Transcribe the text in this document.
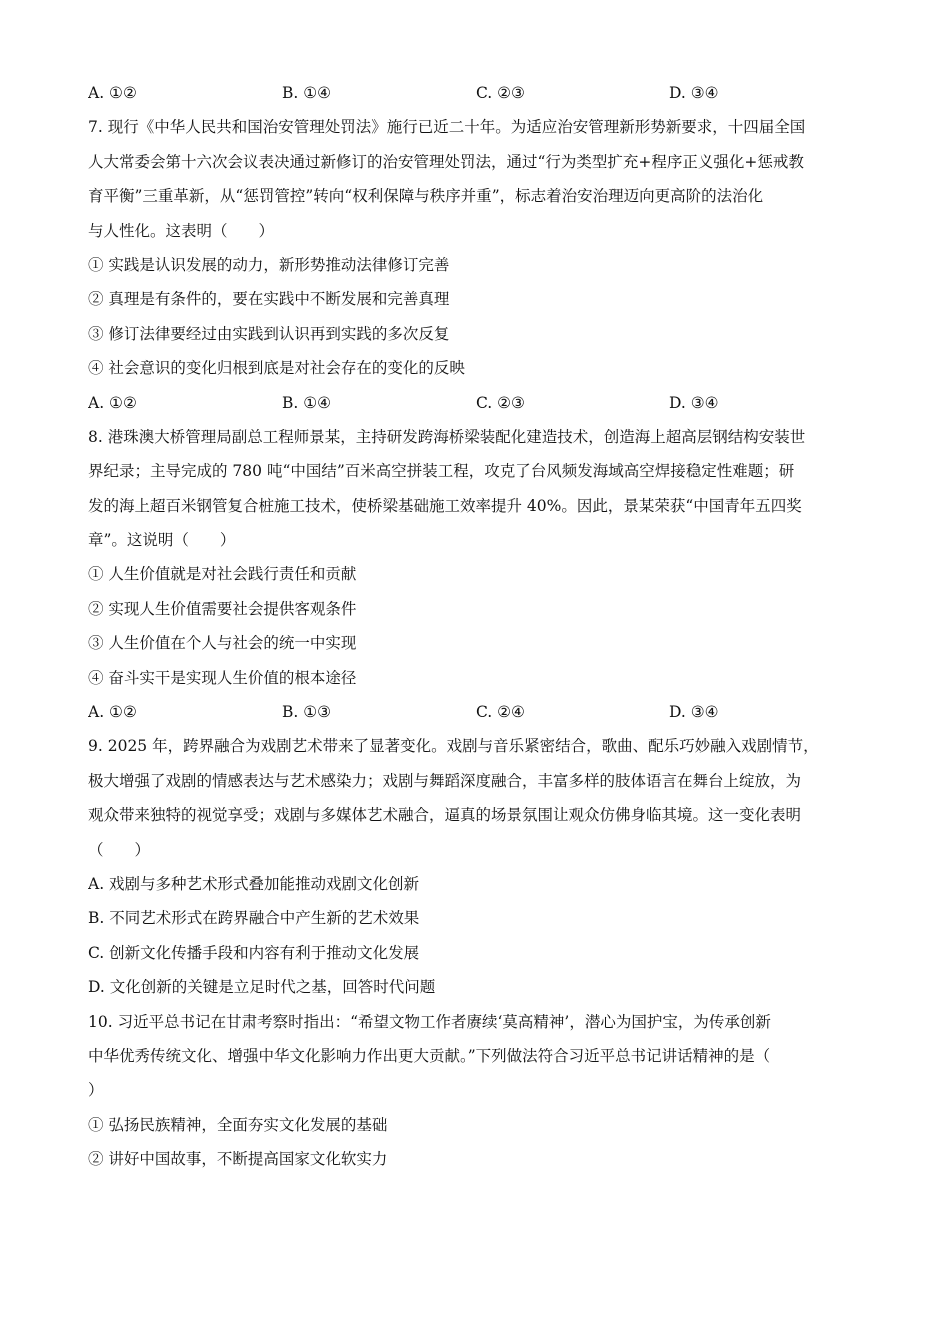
A. ①②	B. ①④	C. ②③	D. ③④
7. 现行《中华人民共和国治安管理处罚法》施行已近二十年。为适应治安管理新形势新要求，十四届全国
人大常委会第十六次会议表决通过新修订的治安管理处罚法，通过“行为类型扩充+程序正义强化+惩戒教
育平衡”三重革新，从“惩罚管控”转向“权利保障与秩序并重”，标志着治安治理迈向更高阶的法治化
与人性化。这表明（　　）
① 实践是认识发展的动力，新形势推动法律修订完善
② 真理是有条件的，要在实践中不断发展和完善真理
③ 修订法律要经过由实践到认识再到实践的多次反复
④ 社会意识的变化归根到底是对社会存在的变化的反映
A. ①②	B. ①④	C. ②③	D. ③④
8. 港珠澳大桥管理局副总工程师景某，主持研发跨海桥梁装配化建造技术，创造海上超高层钢结构安装世
界纪录；主导完成的 780 吨“中国结”百米高空拼装工程，攻克了台风频发海域高空焊接稳定性难题；研
发的海上超百米钢管复合桩施工技术，使桥梁基础施工效率提升 40%。因此，景某荣获“中国青年五四奖
章”。这说明（　　）
① 人生价值就是对社会践行责任和贡献
② 实现人生价值需要社会提供客观条件
③ 人生价值在个人与社会的统一中实现
④ 奋斗实干是实现人生价值的根本途径
A. ①②	B. ①③	C. ②④	D. ③④
9. 2025 年，跨界融合为戏剧艺术带来了显著变化。戏剧与音乐紧密结合，歌曲、配乐巧妙融入戏剧情节，
极大增强了戏剧的情感表达与艺术感染力；戏剧与舞蹈深度融合，丰富多样的肢体语言在舞台上绽放，为
观众带来独特的视觉享受；戏剧与多媒体艺术融合，逼真的场景氛围让观众仿佛身临其境。这一变化表明
（　　）
A. 戏剧与多种艺术形式叠加能推动戏剧文化创新
B. 不同艺术形式在跨界融合中产生新的艺术效果
C. 创新文化传播手段和内容有利于推动文化发展
D. 文化创新的关键是立足时代之基，回答时代问题
10. 习近平总书记在甘肃考察时指出：“希望文物工作者赓续‘莫高精神’，潜心为国护宝，为传承创新
中华优秀传统文化、增强中华文化影响力作出更大贡献。”下列做法符合习近平总书记讲话精神的是（
）
① 弘扬民族精神，全面夯实文化发展的基础
② 讲好中国故事，不断提高国家文化软实力
